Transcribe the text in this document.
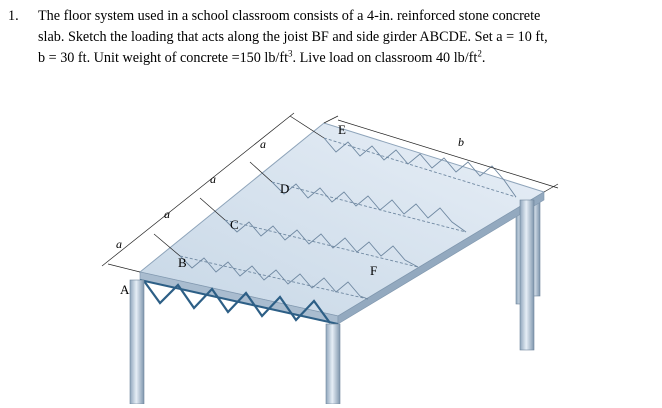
1. The floor system used in a school classroom consists of a 4-in. reinforced stone concrete
slab. Sketch the loading that acts along the joist BF and side girder ABCDE. Set a = 10 ft,
b = 30 ft. Unit weight of concrete =150 $lb/ft^3$. Live load on classroom 40 $lb/ft^2$.
A
B
C
D
E
F
a
a
a
a	b
